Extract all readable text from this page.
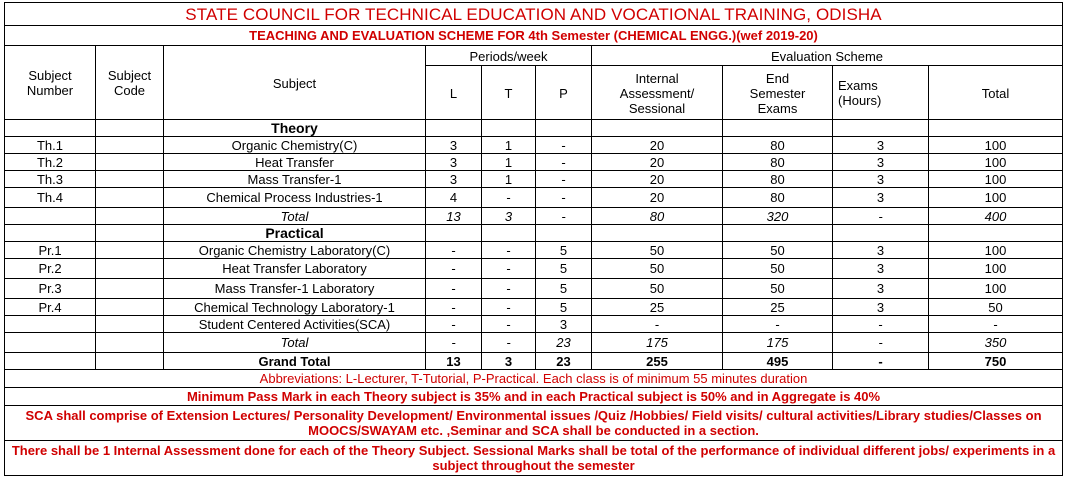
STATE COUNCIL FOR TECHNICAL EDUCATION AND VOCATIONAL TRAINING, ODISHA									
TEACHING AND EVALUATION SCHEME FOR 4th Semester (CHEMICAL ENGG.)(wef 2019-20)									
Subject Number	Subject Code	Subject	Periods/week			Evaluation Scheme			
			L	T	P	Internal Assessment/ Sessional	End Semester Exams	Exams (Hours)	Total
		Theory							
Th.1		Organic Chemistry(C)	3	1	-	20	80	3	100
Th.2		Heat Transfer	3	1	-	20	80	3	100
Th.3		Mass Transfer-1	3	1	-	20	80	3	100
Th.4		Chemical Process Industries-1	4	-	-	20	80	3	100
		Total	13	3	-	80	320	-	400
		Practical							
Pr.1		Organic Chemistry Laboratory(C)	-	-	5	50	50	3	100
Pr.2		Heat Transfer Laboratory	-	-	5	50	50	3	100
Pr.3		Mass Transfer-1 Laboratory	-	-	5	50	50	3	100
Pr.4		Chemical Technology Laboratory-1	-	-	5	25	25	3	50
		Student Centered Activities(SCA)	-	-	3	-	-	-	-
		Total	-	-	23	175	175	-	350
		Grand Total	13	3	23	255	495	-	750
Abbreviations: L-Lecturer, T-Tutorial, P-Practical. Each class is of minimum 55 minutes duration									
Minimum Pass Mark in each Theory subject is 35% and in each Practical subject is 50% and in Aggregate is 40%									
SCA shall comprise of Extension Lectures/ Personality Development/ Environmental issues /Quiz /Hobbies/ Field visits/ cultural activities/Library studies/Classes on MOOCS/SWAYAM etc. ,Seminar and SCA shall be conducted in a section.									
There shall be 1 Internal Assessment done for each of the Theory Subject. Sessional Marks shall be total of the performance of individual different jobs/ experiments in a subject throughout the semester									
